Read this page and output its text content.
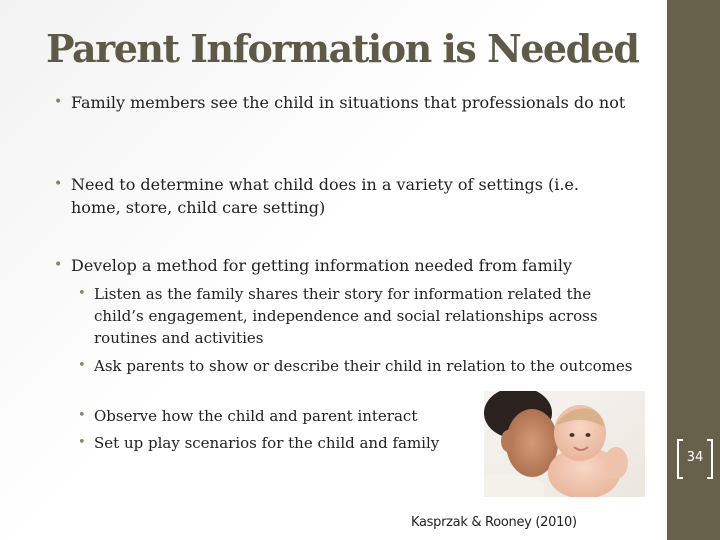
Parent Information is Needed
• Family members see the child in situations that professionals do not
• Need to determine what child does in a variety of settings (i.e. home, store, child care setting)
• Develop a method for getting information needed from family
• Listen as the family shares their story for information related the child’s engagement, independence and social relationships across routines and activities
• Ask parents to show or describe their child in relation to the outcomes
• Observe how the child and parent interact
• Set up play scenarios for the child and family
Kasprzak & Rooney (2010)
34
